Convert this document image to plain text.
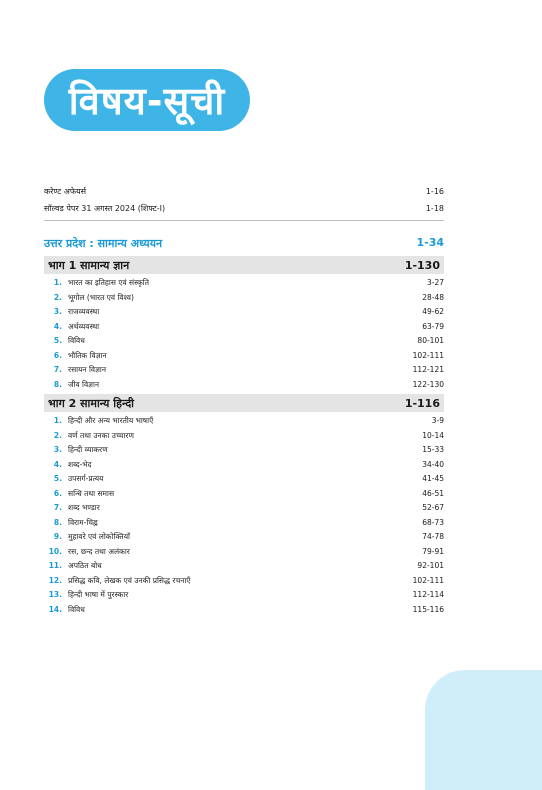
विषय-सूची
करेण्ट अफेयर्स	1-16
सॉल्वड पेपर 31 अगस्त 2024 (शिफ्ट-I)	1-18
उत्तर प्रदेश : सामान्य अध्ययन	1-34
भाग 1 सामान्य ज्ञान	1-130
1. भारत का इतिहास एवं संस्कृति	3-27
2. भूगोल (भारत एवं विश्व)	28-48
3. राजव्यवस्था	49-62
4. अर्थव्यवस्था	63-79
5. विविध	80-101
6. भौतिक विज्ञान	102-111
7. रसायन विज्ञान	112-121
8. जीव विज्ञान	122-130
भाग 2 सामान्य हिन्दी	1-116
1. हिन्दी और अन्य भारतीय भाषाएँ	3-9
2. वर्ण तथा उनका उच्चारण	10-14
3. हिन्दी व्याकरण	15-33
4. शब्द-भेद	34-40
5. उपसर्ग-प्रत्यय	41-45
6. सन्धि तथा समास	46-51
7. शब्द भण्डार	52-67
8. विराम-चिह्न	68-73
9. मुहावरे एवं लोकोक्तियाँ	74-78
10. रस, छन्द तथा अलंकार	79-91
11. अपठित बोध	92-101
12. प्रसिद्ध कवि, लेखक एवं उनकी प्रसिद्ध रचनाएँ	102-111
13. हिन्दी भाषा में पुरस्कार	112-114
14. विविध	115-116
